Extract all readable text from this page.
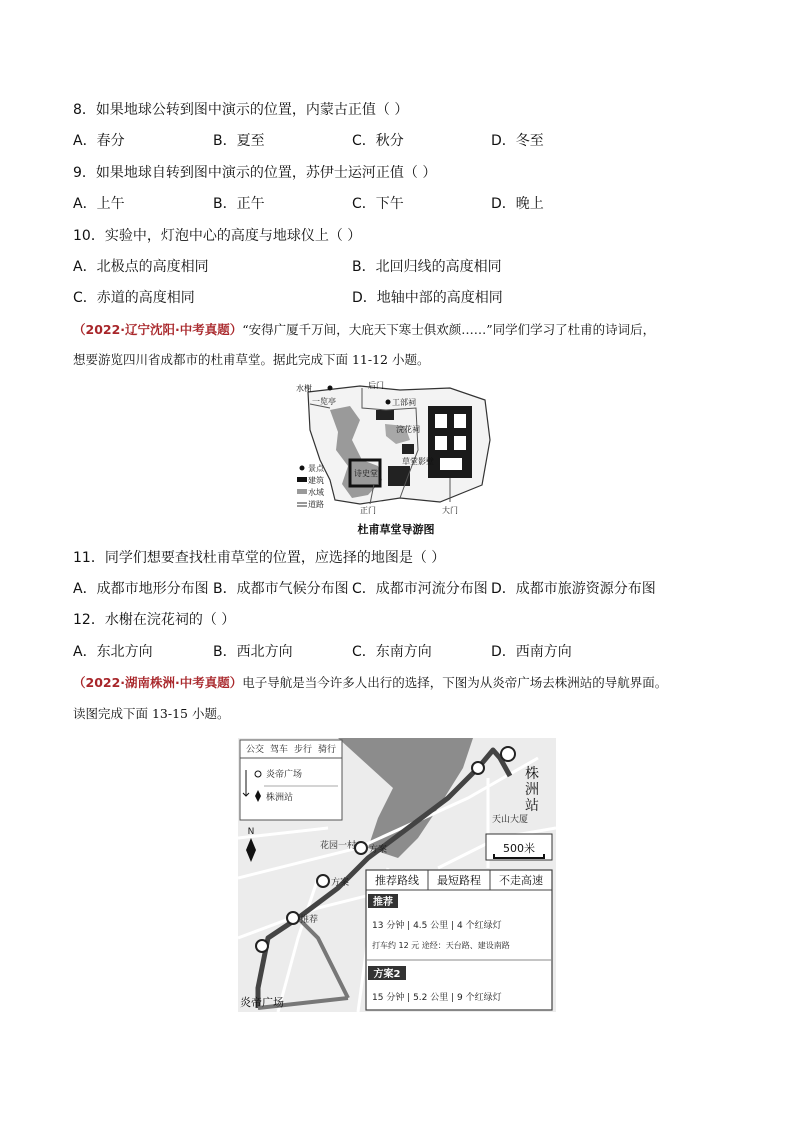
8．如果地球公转到图中演示的位置，内蒙古正值（ ）
A．春分	B．夏至	C．秋分	D．冬至
9．如果地球自转到图中演示的位置，苏伊士运河正值（ ）
A．上午	B．正午	C．下午	D．晚上
10．实验中，灯泡中心的高度与地球仪上（ ）
A．北极点的高度相同	B．北回归线的高度相同
C．赤道的高度相同	D．地轴中部的高度相同
（2022·辽宁沈阳·中考真题）“安得广厦千万间，大庇天下寒士俱欢颜……”同学们学习了杜甫的诗词后，
想要游览四川省成都市的杜甫草堂。据此完成下面 11-12 小题。
水榭	后门
一览亭	工部祠
浣花祠
草堂影壁
诗史堂
正门	大门
景点
建筑
水域
道路
杜甫草堂导游图
11．同学们想要查找杜甫草堂的位置，应选择的地图是（ ）
A．成都市地形分布图 B．成都市气候分布图 C．成都市河流分布图 D．成都市旅游资源分布图
12．水榭在浣花祠的（ ）
A．东北方向	B．西北方向	C．东南方向	D．西南方向
（2022·湖南株洲·中考真题）电子导航是当今许多人出行的选择，下图为从炎帝广场去株洲站的导航界面。
读图完成下面 13-15 小题。
方案
方案
推荐
株
洲
站
天山大厦
花园一村
炎帝广场
500米
N
公交 驾车 步行 骑行
炎帝广场
株洲站
推荐路线 最短路程 不走高速
推荐
13 分钟 | 4.5 公里 | 4 个红绿灯
打车约 12 元 途经：天台路、建设南路
方案2
15 分钟 | 5.2 公里 | 9 个红绿灯
